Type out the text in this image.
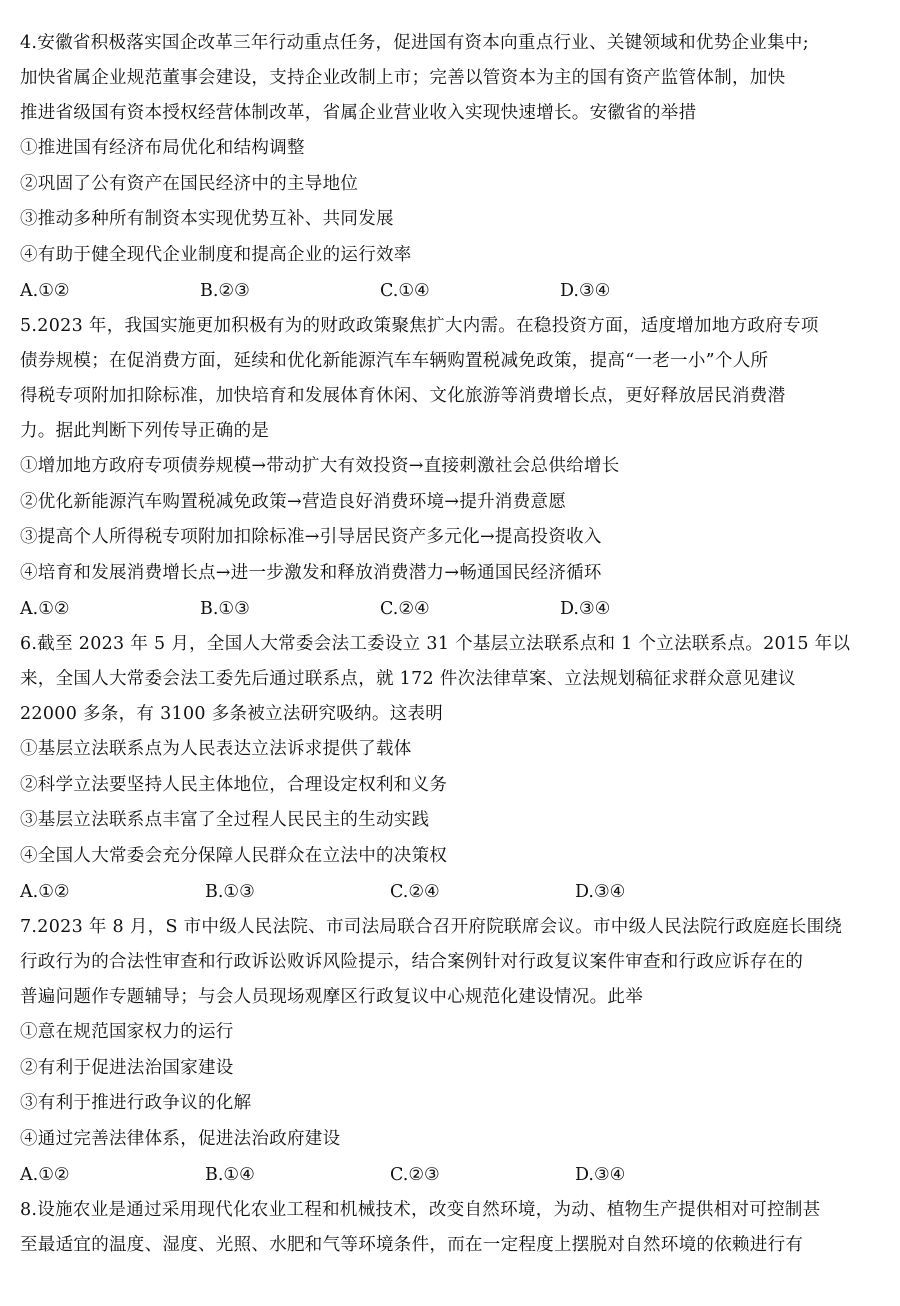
4.安徽省积极落实国企改革三年行动重点任务，促进国有资本向重点行业、关键领域和优势企业集中;

加快省属企业规范董事会建设，支持企业改制上市；完善以管资本为主的国有资产监管体制，加快

推进省级国有资本授权经营体制改革，省属企业营业收入实现快速增长。安徽省的举措

①推进国有经济布局优化和结构调整

②巩固了公有资产在国民经济中的主导地位

③推动多种所有制资本实现优势互补、共同发展

④有助于健全现代企业制度和提高企业的运行效率

A.①②	B.②③	C.①④	D.③④

5.2023 年，我国实施更加积极有为的财政政策聚焦扩大内需。在稳投资方面，适度增加地方政府专项

债券规模；在促消费方面，延续和优化新能源汽车车辆购置税减免政策，提高“一老一小”个人所

得税专项附加扣除标准，加快培育和发展体育休闲、文化旅游等消费增长点，更好释放居民消费潜

力。据此判断下列传导正确的是

①增加地方政府专项债券规模→带动扩大有效投资→直接刺激社会总供给增长

②优化新能源汽车购置税减免政策→营造良好消费环境→提升消费意愿

③提高个人所得税专项附加扣除标准→引导居民资产多元化→提高投资收入

④培育和发展消费增长点→进一步激发和释放消费潜力→畅通国民经济循环

A.①②	B.①③	C.②④	D.③④

6.截至 2023 年 5 月，全国人大常委会法工委设立 31 个基层立法联系点和 1 个立法联系点。2015 年以

来，全国人大常委会法工委先后通过联系点，就 172 件次法律草案、立法规划稿征求群众意见建议

22000 多条，有 3100 多条被立法研究吸纳。这表明

①基层立法联系点为人民表达立法诉求提供了载体

②科学立法要坚持人民主体地位，合理设定权利和义务

③基层立法联系点丰富了全过程人民民主的生动实践

④全国人大常委会充分保障人民群众在立法中的决策权

A.①②	B.①③	C.②④	D.③④

7.2023 年 8 月，S 市中级人民法院、市司法局联合召开府院联席会议。市中级人民法院行政庭庭长围绕

行政行为的合法性审查和行政诉讼败诉风险提示，结合案例针对行政复议案件审查和行政应诉存在的

普遍问题作专题辅导；与会人员现场观摩区行政复议中心规范化建设情况。此举

①意在规范国家权力的运行

②有利于促进法治国家建设

③有利于推进行政争议的化解

④通过完善法律体系，促进法治政府建设

A.①②	B.①④	C.②③	D.③④

8.设施农业是通过采用现代化农业工程和机械技术，改变自然环境，为动、植物生产提供相对可控制甚

至最适宜的温度、湿度、光照、水肥和气等环境条件，而在一定程度上摆脱对自然环境的依赖进行有
